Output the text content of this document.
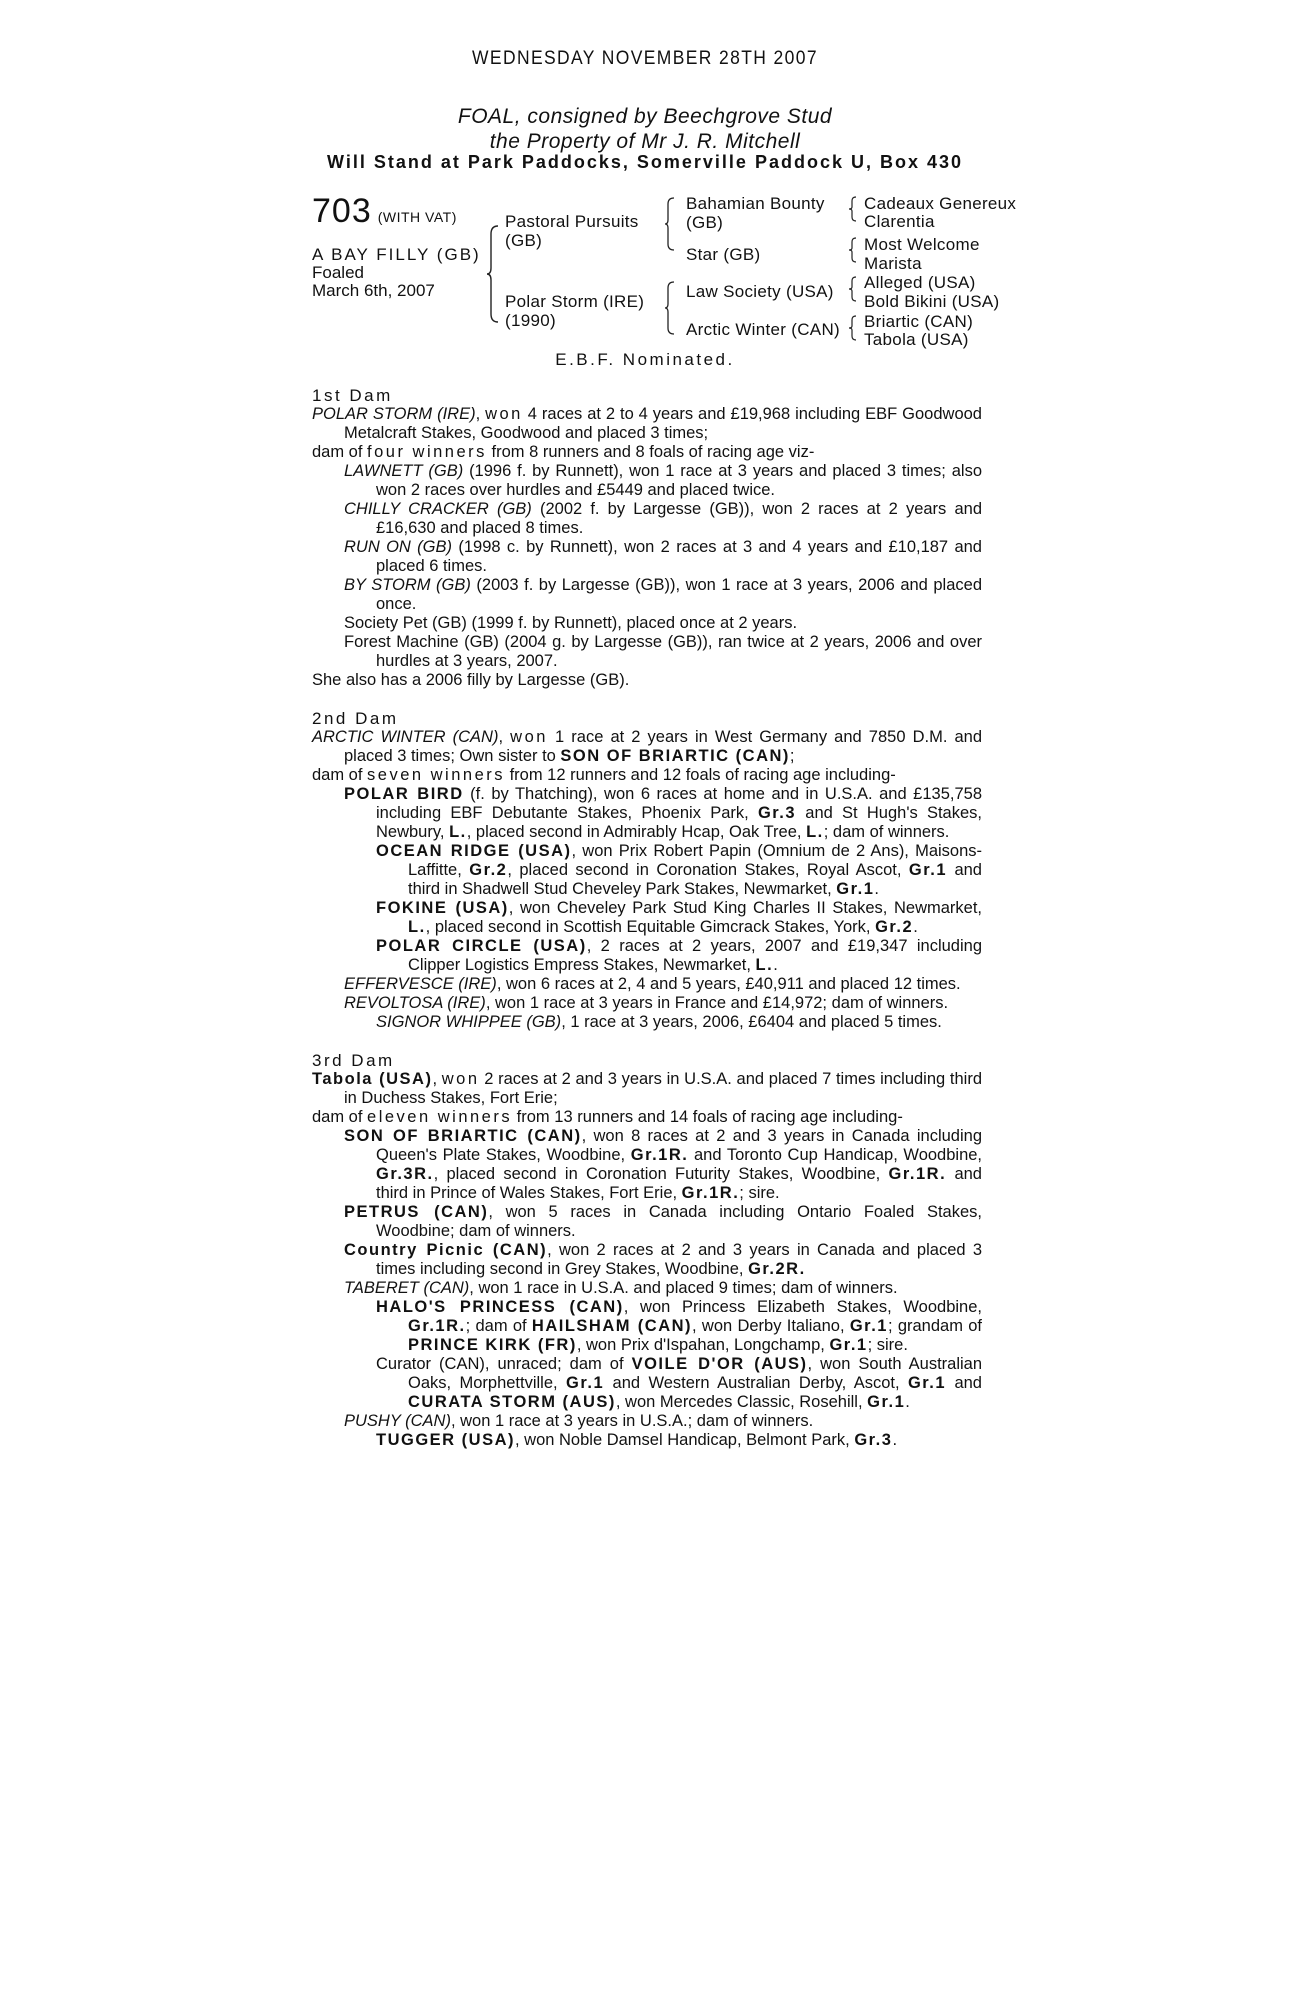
WEDNESDAY NOVEMBER 28TH 2007
FOAL, consigned by Beechgrove Stud
the Property of Mr J. R. Mitchell
Will Stand at Park Paddocks, Somerville Paddock U, Box 430
703 (WITH VAT)
A BAY FILLY (GB)
Foaled
March 6th, 2007
Pastoral Pursuits
(GB)
Polar Storm (IRE)
(1990)
Bahamian Bounty
(GB)
Star (GB)
Law Society (USA)
Arctic Winter (CAN)
Cadeaux Genereux
Clarentia
Most Welcome
Marista
Alleged (USA)
Bold Bikini (USA)
Briartic (CAN)
Tabola (USA)
E.B.F. Nominated.
1st Dam
POLAR STORM (IRE), won 4 races at 2 to 4 years and £19,968 including EBF Goodwood Metalcraft Stakes, Goodwood and placed 3 times;
dam of four winners from 8 runners and 8 foals of racing age viz-
LAWNETT (GB) (1996 f. by Runnett), won 1 race at 3 years and placed 3 times; also won 2 races over hurdles and £5449 and placed twice.
CHILLY CRACKER (GB) (2002 f. by Largesse (GB)), won 2 races at 2 years and £16,630 and placed 8 times.
RUN ON (GB) (1998 c. by Runnett), won 2 races at 3 and 4 years and £10,187 and placed 6 times.
BY STORM (GB) (2003 f. by Largesse (GB)), won 1 race at 3 years, 2006 and placed once.
Society Pet (GB) (1999 f. by Runnett), placed once at 2 years.
Forest Machine (GB) (2004 g. by Largesse (GB)), ran twice at 2 years, 2006 and over hurdles at 3 years, 2007.
She also has a 2006 filly by Largesse (GB).
2nd Dam
ARCTIC WINTER (CAN), won 1 race at 2 years in West Germany and 7850 D.M. and placed 3 times; Own sister to SON OF BRIARTIC (CAN);
dam of seven winners from 12 runners and 12 foals of racing age including-
POLAR BIRD (f. by Thatching), won 6 races at home and in U.S.A. and £135,758 including EBF Debutante Stakes, Phoenix Park, Gr.3 and St Hugh's Stakes, Newbury, L., placed second in Admirably Hcap, Oak Tree, L.; dam of winners.
OCEAN RIDGE (USA), won Prix Robert Papin (Omnium de 2 Ans), Maisons-Laffitte, Gr.2, placed second in Coronation Stakes, Royal Ascot, Gr.1 and third in Shadwell Stud Cheveley Park Stakes, Newmarket, Gr.1.
FOKINE (USA), won Cheveley Park Stud King Charles II Stakes, Newmarket, L., placed second in Scottish Equitable Gimcrack Stakes, York, Gr.2.
POLAR CIRCLE (USA), 2 races at 2 years, 2007 and £19,347 including Clipper Logistics Empress Stakes, Newmarket, L..
EFFERVESCE (IRE), won 6 races at 2, 4 and 5 years, £40,911 and placed 12 times.
REVOLTOSA (IRE), won 1 race at 3 years in France and £14,972; dam of winners.
SIGNOR WHIPPEE (GB), 1 race at 3 years, 2006, £6404 and placed 5 times.
3rd Dam
Tabola (USA), won 2 races at 2 and 3 years in U.S.A. and placed 7 times including third in Duchess Stakes, Fort Erie;
dam of eleven winners from 13 runners and 14 foals of racing age including-
SON OF BRIARTIC (CAN), won 8 races at 2 and 3 years in Canada including Queen's Plate Stakes, Woodbine, Gr.1R. and Toronto Cup Handicap, Woodbine, Gr.3R., placed second in Coronation Futurity Stakes, Woodbine, Gr.1R. and third in Prince of Wales Stakes, Fort Erie, Gr.1R.; sire.
PETRUS (CAN), won 5 races in Canada including Ontario Foaled Stakes, Woodbine; dam of winners.
Country Picnic (CAN), won 2 races at 2 and 3 years in Canada and placed 3 times including second in Grey Stakes, Woodbine, Gr.2R.
TABERET (CAN), won 1 race in U.S.A. and placed 9 times; dam of winners.
HALO'S PRINCESS (CAN), won Princess Elizabeth Stakes, Woodbine, Gr.1R.; dam of HAILSHAM (CAN), won Derby Italiano, Gr.1; grandam of PRINCE KIRK (FR), won Prix d'Ispahan, Longchamp, Gr.1; sire.
Curator (CAN), unraced; dam of VOILE D'OR (AUS), won South Australian Oaks, Morphettville, Gr.1 and Western Australian Derby, Ascot, Gr.1 and CURATA STORM (AUS), won Mercedes Classic, Rosehill, Gr.1.
PUSHY (CAN), won 1 race at 3 years in U.S.A.; dam of winners.
TUGGER (USA), won Noble Damsel Handicap, Belmont Park, Gr.3.
